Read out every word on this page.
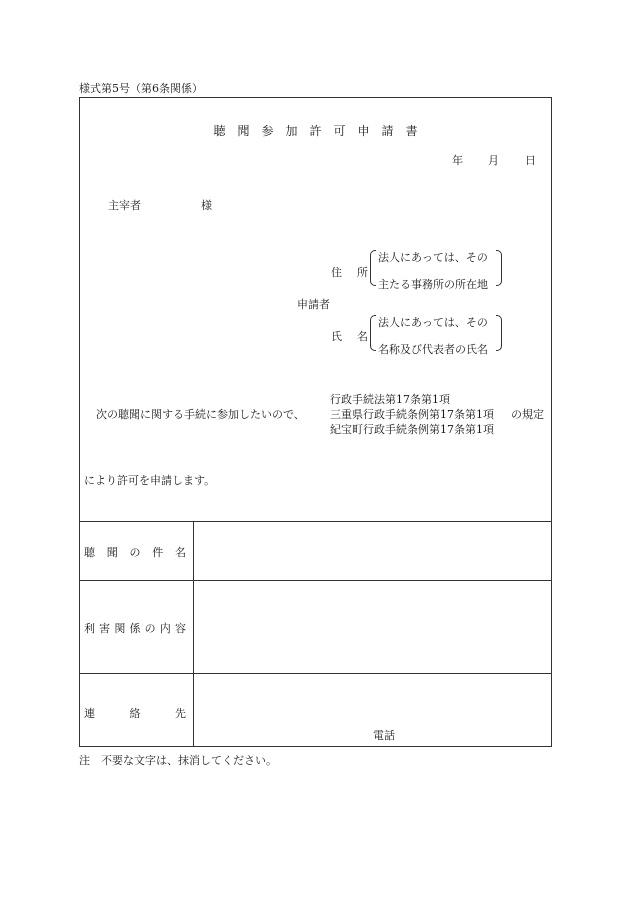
様式第5号（第6条関係）
聴　聞　参　加　許　可　申　請　書
年 月 日
主宰者	様
住　所
法人にあっては、その
主たる事務所の所在地
申請者
氏　名
法人にあっては、その
名称及び代表者の氏名
行政手続法第17条第1項
次の聴聞に関する手続に参加したいので、 三重県行政手続条例第17条第1項 の規定
紀宝町行政手続条例第17条第1項
により許可を申請します。
聴 聞 の 件 名
利 害 関 係 の 内 容
連	絡	先
電話
注　不要な文字は、抹消してください。
